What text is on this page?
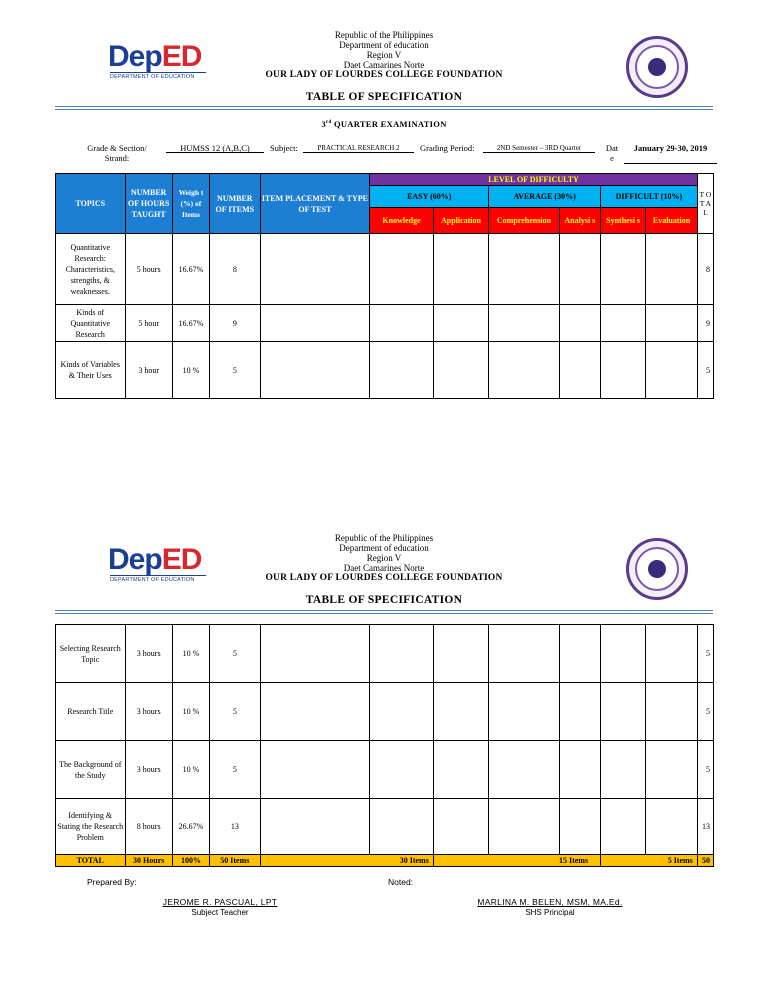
DepED
DEPARTMENT OF EDUCATION
Republic of the Philippines
Department of education
Region V
Daet Camarines Norte
OUR LADY OF LOURDES COLLEGE FOUNDATION
TABLE OF SPECIFICATION
3rd QUARTER EXAMINATION
Grade & Section/
Strand:
HUMSS 12 (A,B,C)	Subject:	PRACTICAL RESEARCH 2	Grading Period:	2ND Semester – 3RD Quarter	Dat
e
January 29-30, 2019
TOPICS	NUMBER OF HOURS TAUGHT	Weigh t (%) of Items	NUMBER OF ITEMS	ITEM PLACEMENT & TYPE OF TEST	LEVEL OF DIFFICULTY						T O T A L
					EASY (60%)		AVERAGE (30%)		DIFFICULT (10%)		
					Knowledge	Application	Comprehension	Analysi s	Synthesi s	Evaluation	
Quantitative Research: Characteristics, strengths, & weaknesses.	5 hours	16.67%	8								8
Kinds of Quantitative Research	5 hour	16.67%	9								9
Kinds of Variables & Their Uses	3 hour	10 %	5								5
DepED
DEPARTMENT OF EDUCATION
Republic of the Philippines
Department of education
Region V
Daet Camarines Norte
OUR LADY OF LOURDES COLLEGE FOUNDATION
TABLE OF SPECIFICATION
Selecting Research Topic	3 hours	10 %	5								5
Research Title	3 hours	10 %	5								5
The Background of the Study	3 hours	10 %	5								5
Identifying & Stating the Research Problem	8 hours	26.67%	13								13
TOTAL	30 Hours	100%	50 Items	30 Items		15 Items			5 Items		50
Prepared By:	Noted:
JEROME R. PASCUAL, LPT
Subject Teacher
MARLINA M. BELEN, MSM, MA.Ed.
SHS Principal
